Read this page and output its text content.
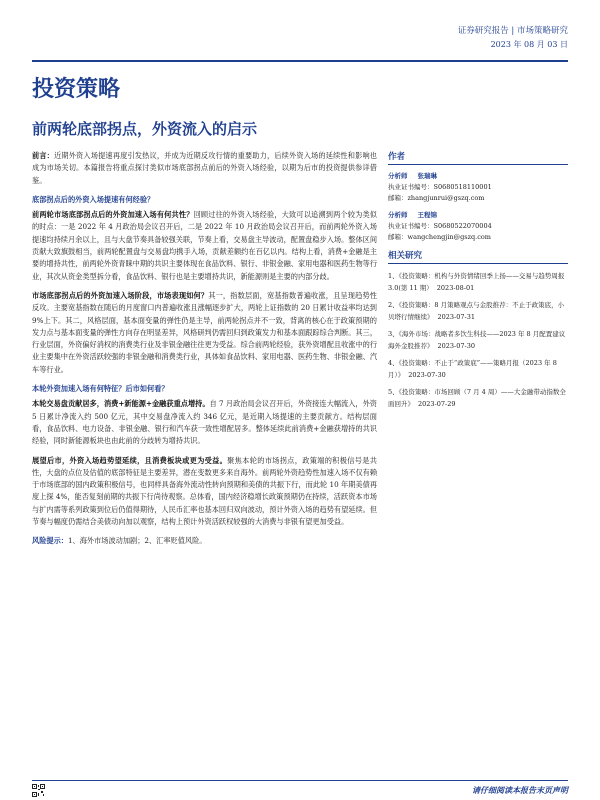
证券研究报告 | 市场策略研究
2023 年 08 月 03 日
投资策略
前两轮底部拐点，外资流入的启示

前言：近期外资入场提速再度引发热议，并成为近期反攻行情的重要助力，后续外资入场的延续性和影响也成为市场关切。本篇报告将重点探讨类似市场底部拐点前后的外资入场经验，以期为后市的投资提供参详借鉴。

底部拐点后的外资入场提速有何经验？

前两轮市场底部拐点后的外资加速入场有何共性？回顾过往的外资入场经验，大致可以追溯到两个较为类似的时点：一是 2022 年 4 月政治局会议召开后，二是 2022 年 10 月政治局会议召开后，而前两轮外资入场提速均持续月余以上，且与大盘节奏具备较强关联，节奏上看，交易盘主导波动，配置盘稳步入场。整体区间贡献大致旗鼓相当，前两轮配置盘与交易盘均携手入场，贡献差额约在百亿以内。结构上看，消费+金融是主要的增持共性，前两轮外资青睐中期的共识主要体现在食品饮料、银行、非银金融、家用电器和医药生物等行业，其次从资金类型拆分看，食品饮料、银行也是主要增持共识，新能源则是主要的内部分歧。

市场底部拐点后的外资加速入场阶段，市场表现如何？其一，指数层面，宽基指数普遍收涨，且呈现趋势性反攻。主要宽基指数在随后的月度窗口内普遍收涨且涨幅逐步扩大，两轮上证指数的 20 日累计收益率均达到 9%上下。其二，风格层面，基本面变量的弹性仍是主导，前两轮拐点并不一致，背离的核心在于政策预期的发力点与基本面变量的弹性方向存在明显差异，风格研判仍需回归到政策发力和基本面跟踪综合判断。其三，行业层面，外资偏好消权的消费类行业及非银金融往往更为受益。综合前两轮经验，获外资增配且收涨中的行业主要集中在外资活跃较强的非银金融和消费类行业，具体如食品饮料、家用电器、医药生物、非银金融、汽车等行业。

本轮外资加速入场有何特征？后市如何看？

本轮交易盘贡献居多，消费+新能源+金融获重点增持。自 7 月政治局会议召开后，外资接连大幅流入，外资 5 日累计净流入约 500 亿元，其中交易盘净流入约 346 亿元，是近期入场提速的主要贡献方。结构层面看，食品饮料、电力设备、非银金融、银行和汽车获一致性增配居多。整体延续此前消费+金融获增持的共识经验，同时新能源板块也由此前的分歧转为增持共识。

展望后市，外资入场趋势望延续，且消费板块或更为受益。聚焦本轮的市场拐点，政策端的积极信号是共性，大盘的点位及估值的底部特征是主要差异，潜在变数更多来自海外。前两轮外资趋势性加速入场不仅有赖于市场底部的国内政策积极信号，也同样具备海外流动性转向预期和美债的共振下行，而此轮 10 年期美债再度上探 4%，能否复刻前期的共振下行尚待观察。总体看，国内经济稳增长政策预期仍在持续，活跃资本市场与扩内需等系列政策到位后仍值得期待，人民币汇率也基本回归双向波动，预计外资入场的趋势有望延续。但节奏与幅度仍需结合美债动向加以观察，结构上预计外资活跃权较强的大消费与非银有望更加受益。

风险提示：1、海外市场波动加剧；2、汇率贬值风险。

作者
分析师 张瑞琳
执业证书编号：S0680518110001
邮箱：zhangjunrui@gszq.com
分析师 王程锦
执业证书编号：S0680522070004
邮箱：wangchengjin@gszq.com
相关研究
1、《投资策略：机构与外资情绪回季上扬——交易与趋势周报 3.0(第 11 期） 2023-08-01
2、《投资策略：8 月策略观点与金股推荐：不止于政策底，小贝塔行情继续》 2023-07-31
3、《海外市场：战略者多饮生科技——2023 年 8 月配置建议海外金股推荐》 2023-07-30
4、《投资策略：不止于“政策底”——策略月报（2023 年 8 月）》 2023-07-30
5、《投资策略：市场回顾（7 月 4 周）——大金融带动指数全面回升》 2023-07-29
请仔细阅读本报告末页声明
